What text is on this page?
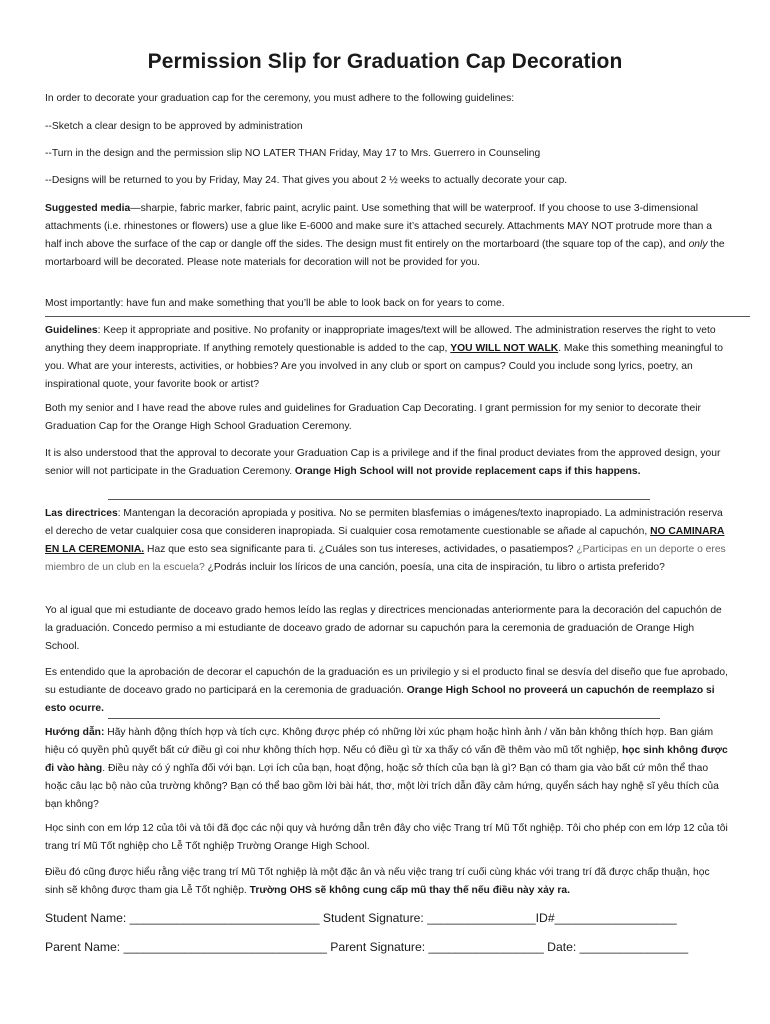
Permission Slip for Graduation Cap Decoration
In order to decorate your graduation cap for the ceremony, you must adhere to the following guidelines:
--Sketch a clear design to be approved by administration
--Turn in the design and the permission slip NO LATER THAN Friday, May 17 to Mrs. Guerrero in Counseling
--Designs will be returned to you by Friday, May 24. That gives you about 2 ½ weeks to actually decorate your cap.
Suggested media—sharpie, fabric marker, fabric paint, acrylic paint. Use something that will be waterproof. If you choose to use 3-dimensional attachments (i.e. rhinestones or flowers) use a glue like E-6000 and make sure it’s attached securely. Attachments MAY NOT protrude more than a half inch above the surface of the cap or dangle off the sides. The design must fit entirely on the mortarboard (the square top of the cap), and only the mortarboard will be decorated. Please note materials for decoration will not be provided for you.
Most importantly: have fun and make something that you’ll be able to look back on for years to come.
Guidelines: Keep it appropriate and positive. No profanity or inappropriate images/text will be allowed. The administration reserves the right to veto anything they deem inappropriate. If anything remotely questionable is added to the cap, YOU WILL NOT WALK. Make this something meaningful to you. What are your interests, activities, or hobbies? Are you involved in any club or sport on campus? Could you include song lyrics, poetry, an inspirational quote, your favorite book or artist?
Both my senior and I have read the above rules and guidelines for Graduation Cap Decorating. I grant permission for my senior to decorate their Graduation Cap for the Orange High School Graduation Ceremony.
It is also understood that the approval to decorate your Graduation Cap is a privilege and if the final product deviates from the approved design, your senior will not participate in the Graduation Ceremony. Orange High School will not provide replacement caps if this happens.
Las directrices: Mantengan la decoración apropiada y positiva. No se permiten blasfemias o imágenes/texto inapropiado. La administración reserva el derecho de vetar cualquier cosa que consideren inapropiada. Si cualquier cosa remotamente cuestionable se añade al capuchón, NO CAMINARA EN LA CEREMONIA. Haz que esto sea significante para ti. ¿Cuáles son tus intereses, actividades, o pasatiempos? ¿Participas en un deporte o eres miembro de un club en la escuela? ¿Podrás incluir los líricos de una canción, poesía, una cita de inspiración, tu libro o artista preferido?
Yo al igual que mi estudiante de doceavo grado hemos leído las reglas y directrices mencionadas anteriormente para la decoración del capuchón de la graduación. Concedo permiso a mi estudiante de doceavo grado de adornar su capuchón para la ceremonia de graduación de Orange High School.
Es entendido que la aprobación de decorar el capuchón de la graduación es un privilegio y si el producto final se desvía del diseño que fue aprobado, su estudiante de doceavo grado no participará en la ceremonia de graduación. Orange High School no proveerá un capuchón de reemplazo si esto ocurre.
Hướng dẫn: Hãy hành động thích hợp và tích cực. Không được phép có những lời xúc phạm hoặc hình ảnh / văn bản không thích hợp. Ban giám hiệu có quyền phủ quyết bất cứ điều gì coi như không thích hợp. Nếu có điều gì từ xa thấy có vấn đề thêm vào mũ tốt nghiệp, học sinh không được đi vào hàng. Điều này có ý nghĩa đối với bạn. Lợi ích của bạn, hoạt động, hoặc sở thích của bạn là gì? Bạn có tham gia vào bất cứ môn thể thao hoặc câu lạc bộ nào của trường không? Bạn có thể bao gồm lời bài hát, thơ, một lời trích dẫn đầy cảm hứng, quyển sách hay nghệ sĩ yêu thích của bạn không?
Học sinh con em lớp 12 của tôi và tôi đã đọc các nội quy và hướng dẫn trên đây cho việc Trang trí Mũ Tốt nghiệp. Tôi cho phép con em lớp 12 của tôi trang trí Mũ Tốt nghiệp cho Lễ Tốt nghiệp Trường Orange High School.
Điều đó cũng được hiểu rằng việc trang trí Mũ Tốt nghiệp là một đặc ân và nếu việc trang trí cuối cùng khác với trang trí đã được chấp thuận, học sinh sẽ không được tham gia Lễ Tốt nghiệp. Trường OHS sẽ không cung cấp mũ thay thế nếu điều này xảy ra.
Student Name: ____________________________ Student Signature: ________________ID#__________________
Parent Name: ______________________________ Parent Signature: _________________ Date: ________________
